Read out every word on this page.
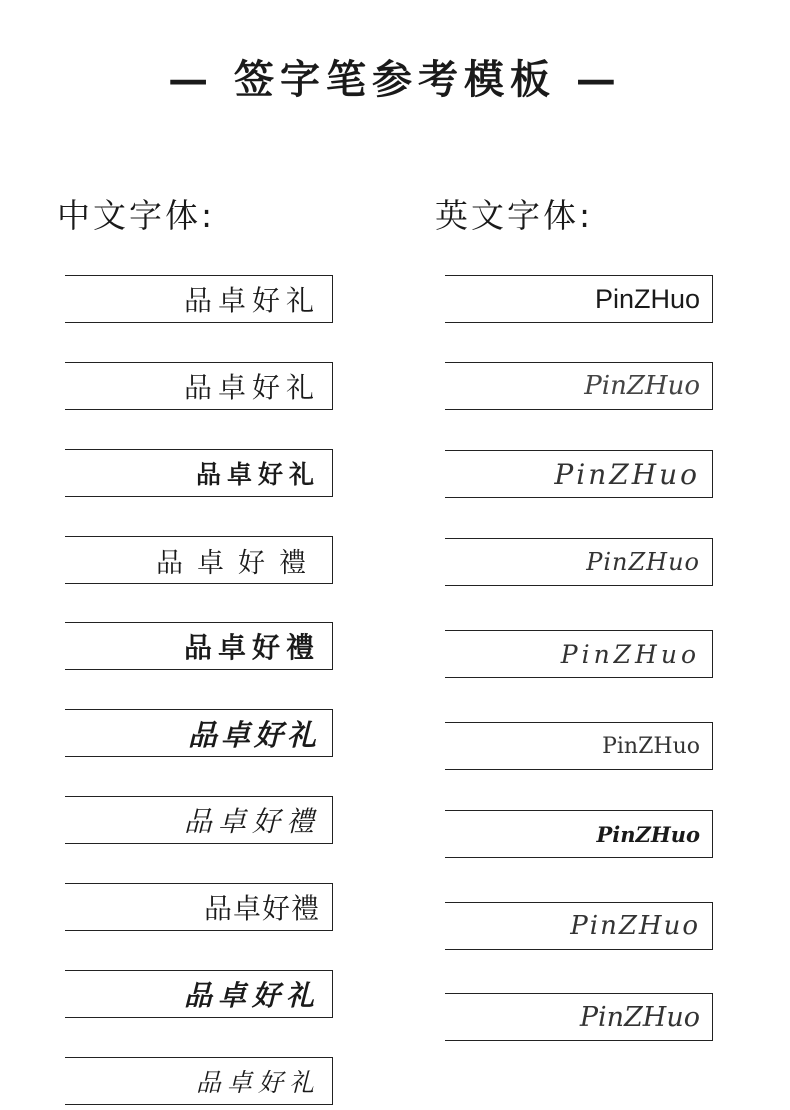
— 签字笔参考模板 —
中文字体:	英文字体:
品卓好礼
品卓好礼
品卓好礼
品卓好禮
品卓好禮
品卓好礼
品卓好禮
品卓好禮
品卓好礼
品卓好礼
PinZHuo
PinZHuo
PinZHuo
PinZHuo
PinZHuo
PinZHuo
PinZHuo
PinZHuo
PinZHuo
